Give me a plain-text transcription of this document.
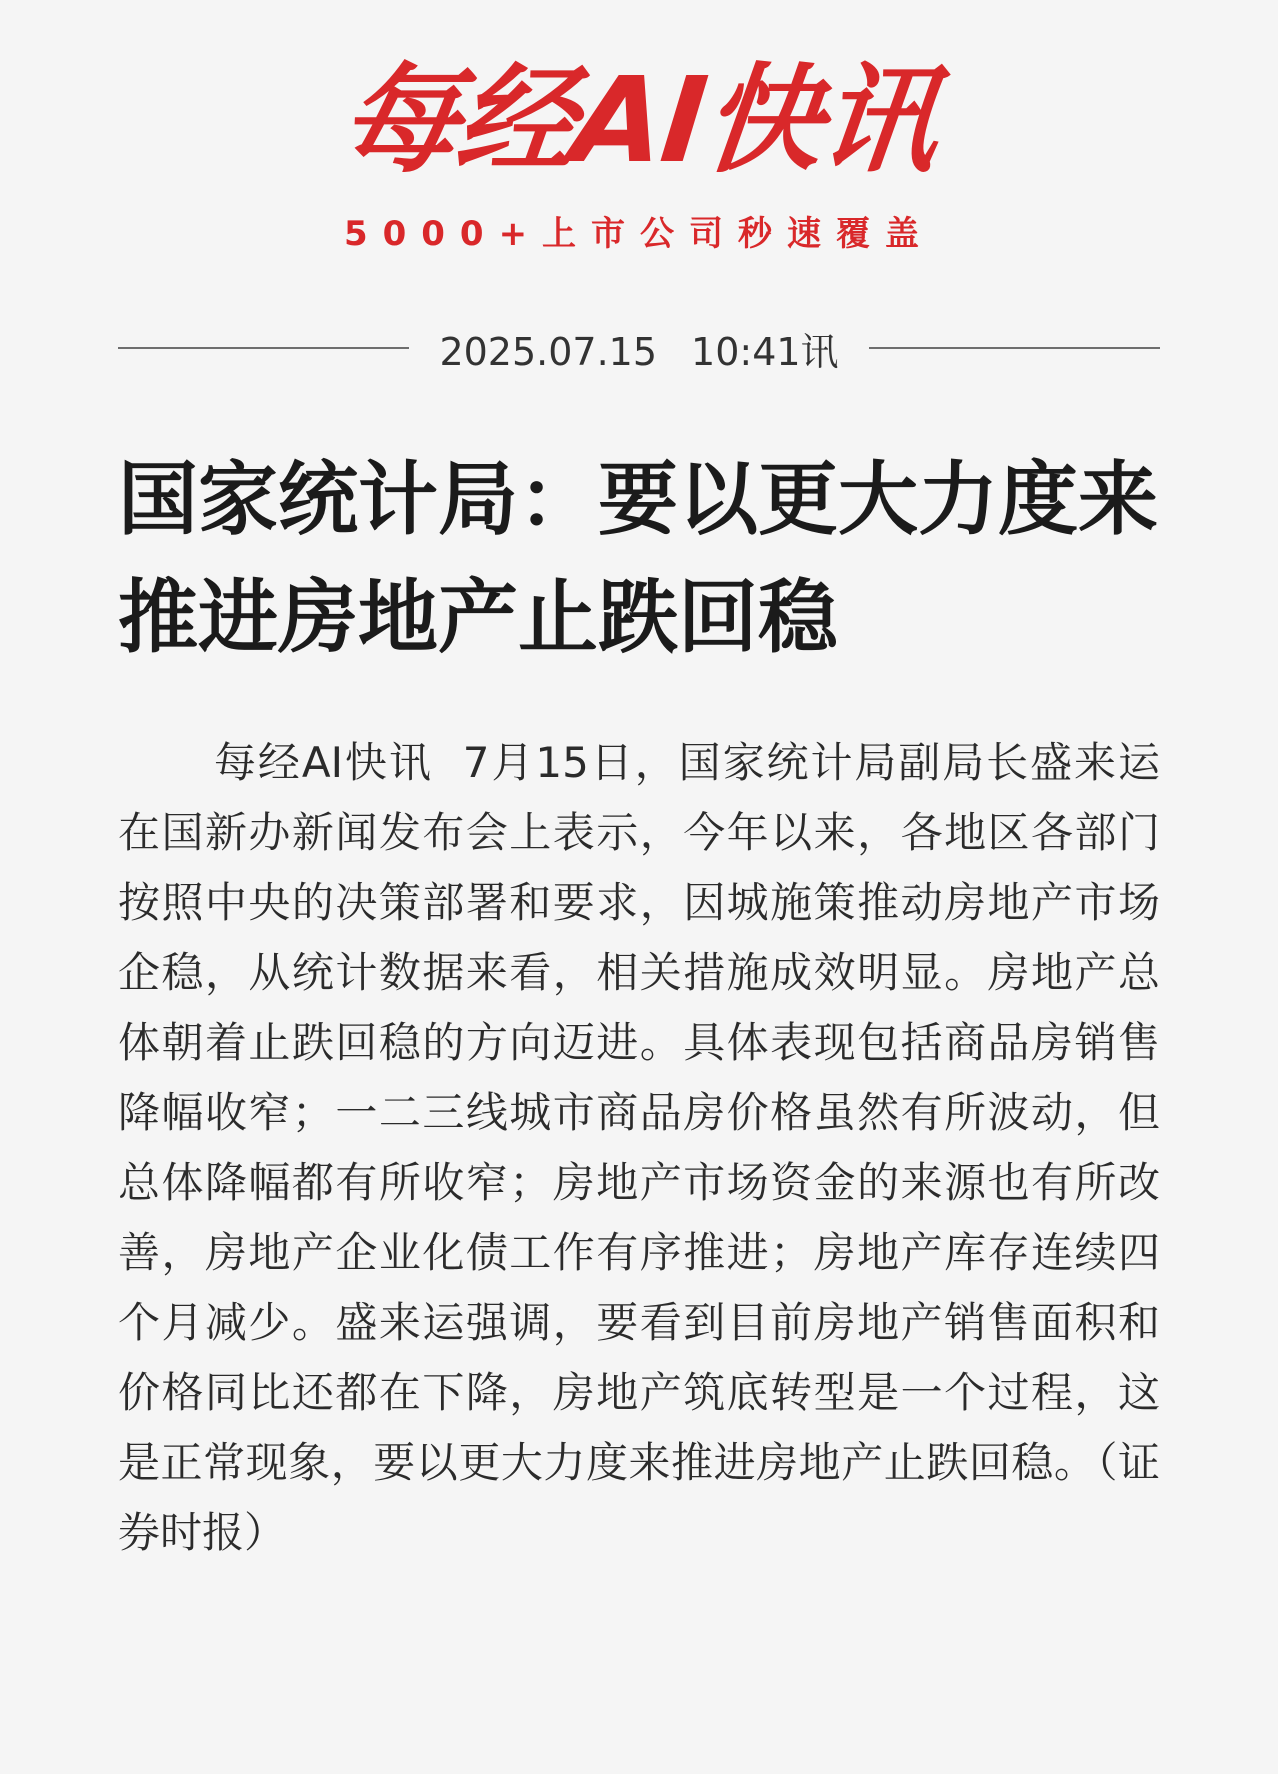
每经AI快讯
5000+上市公司秒速覆盖
2025.07.15 10:41讯
国家统计局：要以更大力度来推进房地产止跌回稳

每经AI快讯 7月15日，国家统计局副局长盛来运在国新办新闻发布会上表示，今年以来，各地区各部门按照中央的决策部署和要求，因城施策推动房地产市场企稳，从统计数据来看，相关措施成效明显。房地产总体朝着止跌回稳的方向迈进。具体表现包括商品房销售降幅收窄；一二三线城市商品房价格虽然有所波动，但总体降幅都有所收窄；房地产市场资金的来源也有所改善，房地产企业化债工作有序推进；房地产库存连续四个月减少。盛来运强调，要看到目前房地产销售面积和价格同比还都在下降，房地产筑底转型是一个过程，这是正常现象，要以更大力度来推进房地产止跌回稳。（证券时报）
